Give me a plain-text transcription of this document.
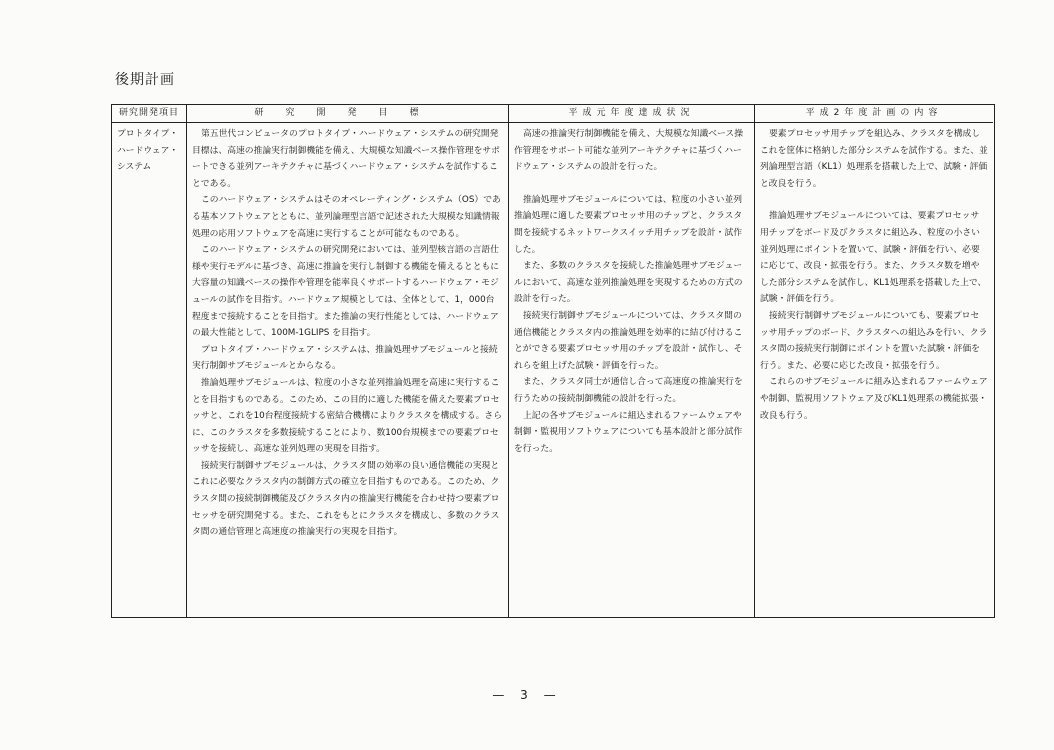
後期計画
研究開発項目

プロトタイプ・

ハードウェア・

システム

研究開発目標

第五世代コンピュータのプロトタイプ・ハードウェア・システムの研究開発目標は、高速の推論実行制御機能を備え、大規模な知識ベース操作管理をサポートできる並列アーキテクチャに基づくハードウェア・システムを試作することである。

このハードウェア・システムはそのオペレーティング・システム（OS）である基本ソフトウェアとともに、並列論理型言語で記述された大規模な知識情報処理の応用ソフトウェアを高速に実行することが可能なものである。

このハードウェア・システムの研究開発においては、並列型核言語の言語仕様や実行モデルに基づき、高速に推論を実行し制御する機能を備えるとともに大容量の知識ベースの操作や管理を能率良くサポートするハードウェア・モジュールの試作を目指す。ハードウェア規模としては、全体として、1，000台程度まで接続することを目指す。また推論の実行性能としては、ハードウェアの最大性能として、100M-1GLIPS を目指す。

プロトタイプ・ハードウェア・システムは、推論処理サブモジュールと接続実行制御サブモジュールとからなる。

推論処理サブモジュールは、粒度の小さな並列推論処理を高速に実行することを目指すものである。このため、この目的に適した機能を備えた要素プロセッサと、これを10台程度接続する密結合機構によりクラスタを構成する。さらに、このクラスタを多数接続することにより、数100台規模までの要素プロセッサを接続し、高速な並列処理の実現を目指す。

接続実行制御サブモジュールは、クラスタ間の効率の良い通信機能の実現とこれに必要なクラスタ内の制御方式の確立を目指すものである。このため、クラスタ間の接続制御機能及びクラスタ内の推論実行機能を合わせ持つ要素プロセッサを研究開発する。また、これをもとにクラスタを構成し、多数のクラスタ間の通信管理と高速度の推論実行の実現を目指す。

平成元年度達成状況

高速の推論実行制御機能を備え、大規模な知識ベース操作管理をサポート可能な並列アーキテクチャに基づくハードウェア・システムの設計を行った。

推論処理サブモジュールについては、粒度の小さい並列推論処理に適した要素プロセッサ用のチップと、クラスタ間を接続するネットワークスイッチ用チップを設計・試作した。

また、多数のクラスタを接続した推論処理サブモジュールにおいて、高速な並列推論処理を実現するための方式の設計を行った。

接続実行制御サブモジュールについては、クラスタ間の通信機能とクラスタ内の推論処理を効率的に結び付けることができる要素プロセッサ用のチップを設計・試作し、それらを組上げた試験・評価を行った。

また、クラスタ同士が通信し合って高速度の推論実行を行うための接続制御機能の設計を行った。

上記の各サブモジュールに組込まれるファームウェアや制御・監視用ソフトウェアについても基本設計と部分試作を行った。

平成2年度計画の内容

要素プロセッサ用チップを組込み、クラスタを構成しこれを筐体に格納した部分システムを試作する。また、並列論理型言語（KL1）処理系を搭載した上で、試験・評価と改良を行う。

推論処理サブモジュールについては、要素プロセッサ用チップをボード及びクラスタに組込み、粒度の小さい並列処理にポイントを置いて、試験・評価を行い、必要に応じて、改良・拡張を行う。また、クラスタ数を増やした部分システムを試作し、KL1処理系を搭載した上で、試験・評価を行う。

接続実行制御サブモジュールについても、要素プロセッサ用チップのボード、クラスタへの組込みを行い、クラスタ間の接続実行制御にポイントを置いた試験・評価を行う。また、必要に応じた改良・拡張を行う。

これらのサブモジュールに組み込まれるファームウェアや制御、監視用ソフトウェア及びKL1処理系の機能拡張・改良も行う。

— 3 —
